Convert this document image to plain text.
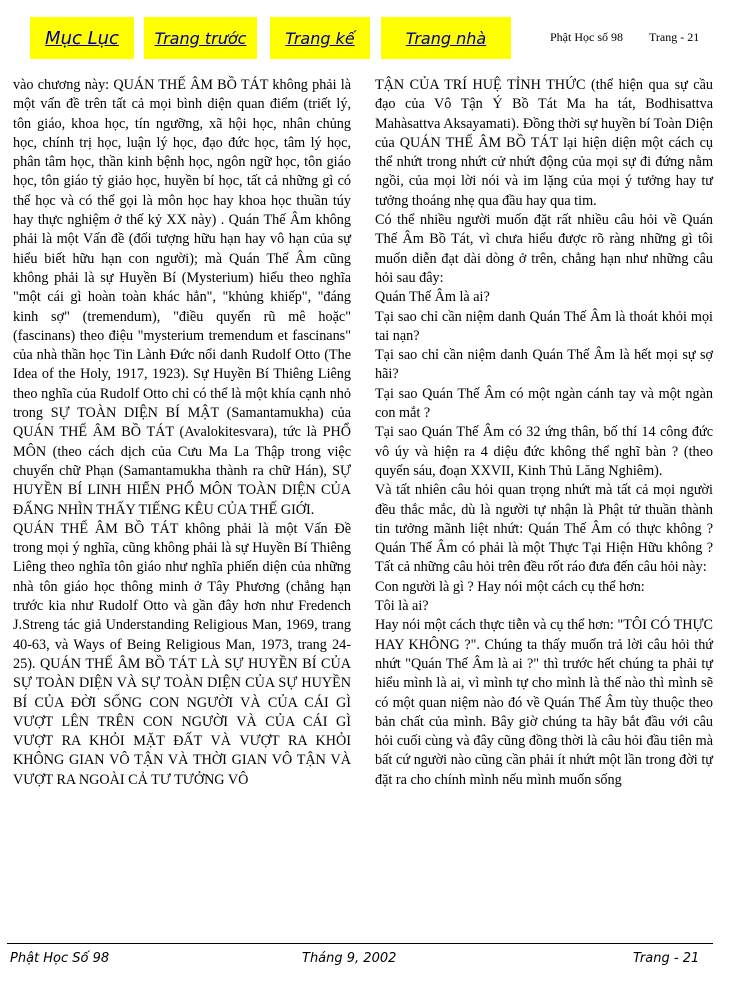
Mục Lục	Trang trước	Trang kế	Trang nhà	Phật Học số 98 Trang - 21

vào chương này: QUÁN THẾ ÂM BỒ TÁT không phải là một vấn đề trên tất cả mọi bình diện quan điểm (triết lý, tôn giáo, khoa học, tín ngưỡng, xã hội học, nhân chủng học, chính trị học, luận lý học, đạo đức học, tâm lý học, phân tâm học, thần kinh bệnh học, ngôn ngữ học, tôn giáo học, tôn giáo tỷ giảo học, huyền bí học, tất cả những gì có thể học và có thể gọi là môn học hay khoa học thuần túy hay thực nghiệm ở thế kỷ XX này) . Quán Thế Âm không phải là một Vấn đề (đối tượng hữu hạn hay vô hạn của sự hiểu biết hữu hạn con người); mà Quán Thế Âm cũng không phải là sự Huyền Bí (Mysterium) hiểu theo nghĩa "một cái gì hoàn toàn khác hẳn", "khủng khiếp", "đáng kinh sợ" (tremendum), "điều quyến rũ mê hoặc" (fascinans) theo điệu "mysterium tremendum et fascinans" của nhà thần học Tin Lành Đức nổi danh Rudolf Otto (The Idea of the Holy, 1917, 1923). Sự Huyền Bí Thiêng Liêng theo nghĩa của Rudolf Otto chỉ có thể là một khía cạnh nhỏ trong SỰ TOÀN DIỆN BÍ MẬT (Samantamukha) của QUÁN THẾ ÂM BỒ TÁT (Avalokitesvara), tức là PHỔ MÔN (theo cách dịch của Cưu Ma La Thập trong việc chuyển chữ Phạn (Samantamukha thành ra chữ Hán), SỰ HUYỀN BÍ LINH HIỂN PHỔ MÔN TOÀN DIỆN CỦA ĐẤNG NHÌN THẤY TIẾNG KÊU CỦA THẾ GIỚI.

QUÁN THẾ ÂM BỒ TÁT không phải là một Vấn Đề trong mọi ý nghĩa, cũng không phải là sự Huyền Bí Thiêng Liêng theo nghĩa tôn giáo như nghĩa phiến diện của những nhà tôn giáo học thông minh ở Tây Phương (chẳng hạn trước kia như Rudolf Otto và gần đây hơn như Fredench J.Streng tác giả Understanding Religious Man, 1969, trang 40-63, và Ways of Being Religious Man, 1973, trang 24-25). QUÁN THẾ ÂM BỒ TÁT LÀ SỰ HUYỀN BÍ CỦA SỰ TOÀN DIỆN VÀ SỰ TOÀN DIỆN CỦA SỰ HUYỀN BÍ CỦA ĐỜI SỐNG CON NGƯỜI VÀ CỦA CÁI GÌ VƯỢT LÊN TRÊN CON NGƯỜI VÀ CỦA CÁI GÌ VƯỢT RA KHỎI MẶT ĐẤT VÀ VƯỢT RA KHỎI KHÔNG GIAN VÔ TẬN VÀ THỜI GIAN VÔ TẬN VÀ VƯỢT RA NGOÀI CẢ TƯ TƯỞNG VÔ

TẬN CỦA TRÍ HUỆ TỈNH THỨC (thể hiện qua sự cầu đạo của Vô Tận Ý Bồ Tát Ma ha tát, Bodhisattva Mahàsattva Aksayamati). Đồng thời sự huyền bí Toàn Diện của QUÁN THẾ ÂM BỒ TÁT lại hiện diện một cách cụ thể nhứt trong nhứt cử nhứt động của mọi sự đi đứng nằm ngồi, của mọi lời nói và im lặng của mọi ý tưởng hay tư tưởng thoáng nhẹ qua đầu hay qua tim.

Có thể nhiều người muốn đặt rất nhiều câu hỏi về Quán Thế Âm Bồ Tát, vì chưa hiểu được rõ ràng những gì tôi muốn diễn đạt dài dòng ở trên, chẳng hạn như những câu hỏi sau đây:

Quán Thế Âm là ai?

Tại sao chỉ cần niệm danh Quán Thế Âm là thoát khỏi mọi tai nạn?

Tại sao chỉ cần niệm danh Quán Thế Âm là hết mọi sự sợ hãi?

Tại sao Quán Thế Âm có một ngàn cánh tay và một ngàn con mắt ?

Tại sao Quán Thế Âm có 32 ứng thân, bố thí 14 công đức vô úy và hiện ra 4 diệu đức không thể nghĩ bàn ? (theo quyển sáu, đoạn XXVII, Kinh Thủ Lăng Nghiêm).

Và tất nhiên câu hỏi quan trọng nhứt mà tất cả mọi người đều thắc mắc, dù là người tự nhận là Phật tử thuần thành tin tưởng mãnh liệt nhứt: Quán Thế Âm có thực không ? Quán Thế Âm có phải là một Thực Tại Hiện Hữu không ? Tất cả những câu hỏi trên đều rốt ráo đưa đến câu hỏi này:

Con người là gì ? Hay nói một cách cụ thể hơn:

Tôi là ai?

Hay nói một cách thực tiễn và cụ thể hơn: "TÔI CÓ THỰC HAY KHÔNG ?". Chúng ta thấy muốn trả lời câu hỏi thứ nhứt "Quán Thế Âm là ai ?" thì trước hết chúng ta phải tự hiểu mình là ai, vì mình tự cho mình là thế nào thì mình sẽ có một quan niệm nào đó về Quán Thế Âm tùy thuộc theo bản chất của mình. Bây giờ chúng ta hãy bắt đầu với câu hỏi cuối cùng và đây cũng đồng thời là câu hỏi đầu tiên mà bất cứ người nào cũng cần phải ít nhứt một lần trong đời tự đặt ra cho chính mình nếu mình muốn sống

Phật Học Số 98	Tháng 9, 2002	Trang - 21
